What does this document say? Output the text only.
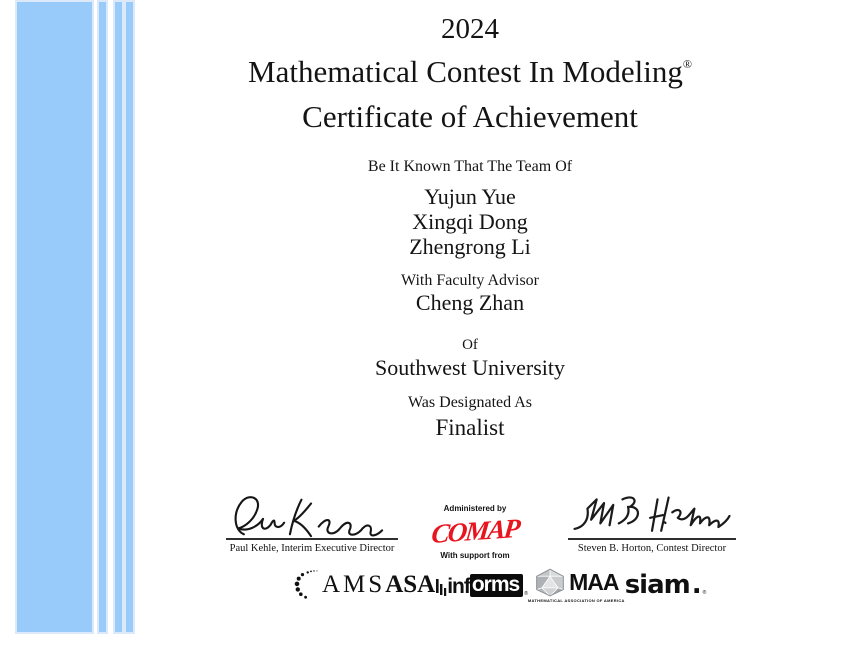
2024
Mathematical Contest In Modeling®
Certificate of Achievement
Be It Known That The Team Of
Yujun Yue
Xingqi Dong
Zhengrong Li
With Faculty Advisor
Cheng Zhan
Of
Southwest University
Was Designated As
Finalist
Paul Kehle, Interim Executive Director
Administered by
COMAP
With support from
Steven B. Horton, Contest Director
AMS ASA inf orms	® MAA
MATHEMATICAL ASSOCIATION OF AMERICA siam . ®
